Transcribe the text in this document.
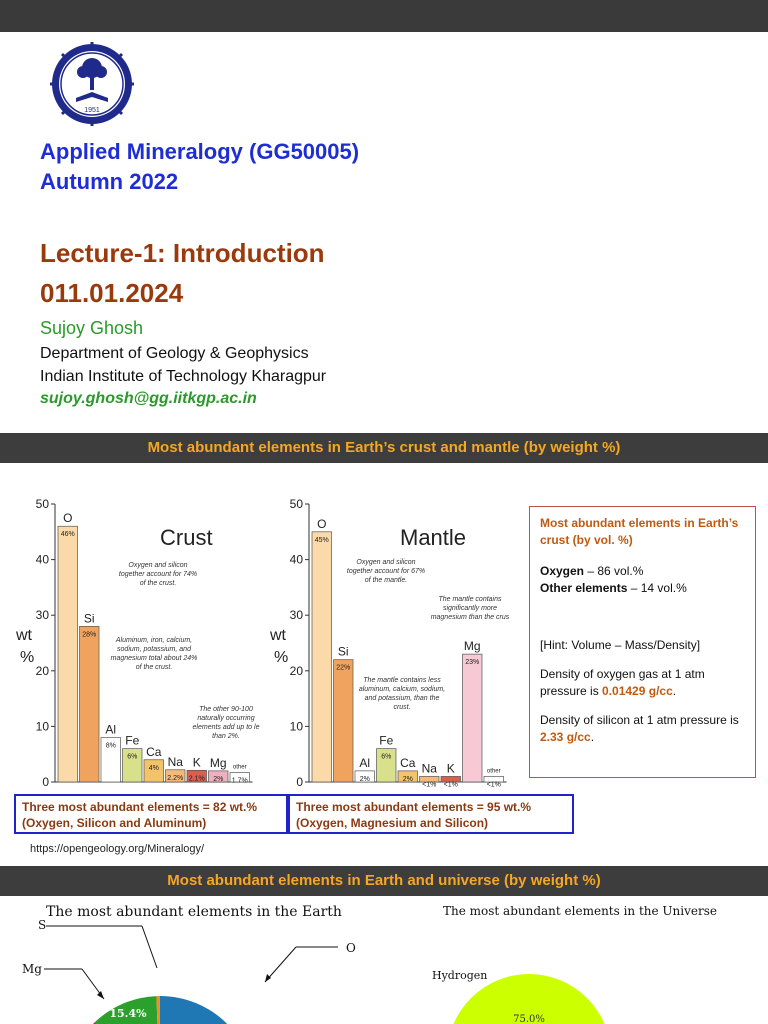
1951
Applied Mineralogy (GG50005)
Autumn 2022
Lecture-1: Introduction
011.01.2024
Sujoy Ghosh
Department of Geology & Geophysics
Indian Institute of Technology Kharagpur
sujoy.ghosh@gg.iitkgp.ac.in
Most abundant elements in Earth’s crust and mantle (by weight %)
0
10
20
30
40
50
wt
%
Crust
O
46%
Si
28%
Al
8% Fe
6% Ca
4% Na
2.2%
K
2.1%
Mg
2%
other
1.7%
Oxygen and silicon together account for 74% of the crust.
Aluminum, iron, calcium, sodium, potassium, and magnesium total about 24% of the crust.
The other 90-100 naturally occurring elements add up to le than 2%.
0
10
20
30
40
50
wt
%
Mantle
O
45%
Si
22%
Al
2%
Fe
6% Ca
2%
Na
<1%
K
<1%
Mg
23%
other
<1%
Oxygen and silicon together account for 67% of the mantle.
The mantle contains less aluminum, calcium, sodium, and potassium, than the crust.
The mantle contains significantly more magnesium than the crus
Three most abundant elements = 82 wt.%
(Oxygen, Silicon and Aluminum)
Three most abundant elements = 95 wt.%
(Oxygen, Magnesium and Silicon)
Most abundant elements in Earth’s crust (by vol. %)
Oxygen – 86 vol.%
Other elements – 14 vol.%
[Hint: Volume – Mass/Density]
Density of oxygen gas at 1 atm pressure is 0.01429 g/cc.
Density of silicon at 1 atm pressure is 2.33 g/cc.
https://opengeology.org/Mineralogy/
Most abundant elements in Earth and universe (by weight %)
The most abundant elements in the Earth
S
Mg
O
0.6%
15.4%
29.7%
The most abundant elements in the Universe
Hydrogen
75.0%
